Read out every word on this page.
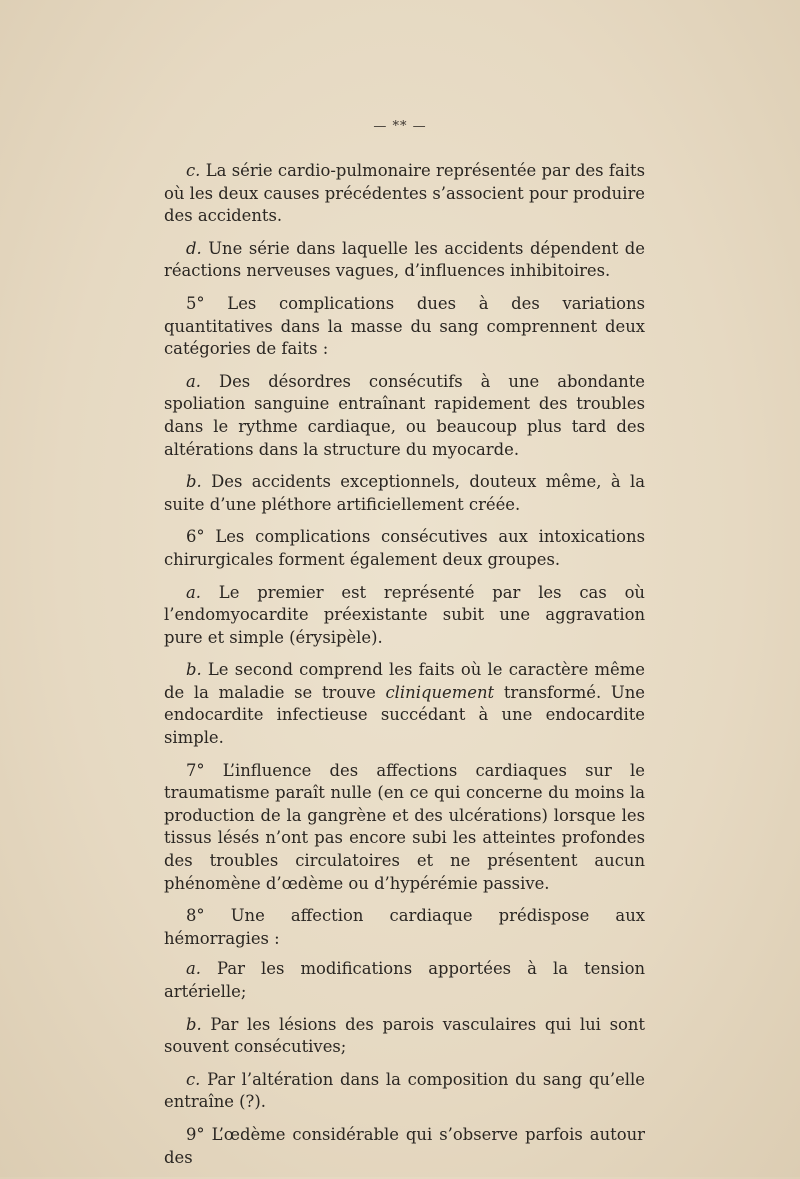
— ** —

c. La série cardio-pulmonaire représentée par des faits où les deux causes précédentes s’associent pour produire des accidents.

d. Une série dans laquelle les accidents dépendent de réactions nerveuses vagues, d’influences inhibitoires.

5° Les complications dues à des variations quantitatives dans la masse du sang comprennent deux catégories de faits :

a. Des désordres consécutifs à une abondante spoliation sanguine entraînant rapidement des troubles dans le rythme cardiaque, ou beaucoup plus tard des altérations dans la structure du myocarde.

b. Des accidents exceptionnels, douteux même, à la suite d’une pléthore artificiellement créée.

6° Les complications consécutives aux intoxications chirurgicales forment également deux groupes.

a. Le premier est représenté par les cas où l’endomyocardite préexistante subit une aggravation pure et simple (érysipèle).

b. Le second comprend les faits où le caractère même de la maladie se trouve cliniquement transformé. Une endocardite infectieuse succédant à une endocardite simple.

7° L’influence des affections cardiaques sur le traumatisme paraît nulle (en ce qui concerne du moins la production de la gangrène et des ulcérations) lorsque les tissus lésés n’ont pas encore subi les atteintes profondes des troubles circulatoires et ne présentent aucun phénomène d’œdème ou d’hypérémie passive.

8° Une affection cardiaque prédispose aux hémorragies :

a. Par les modifications apportées à la tension artérielle;

b. Par les lésions des parois vasculaires qui lui sont souvent consécutives;

c. Par l’altération dans la composition du sang qu’elle entraîne (?).

9° L’œdème considérable qui s’observe parfois autour des
